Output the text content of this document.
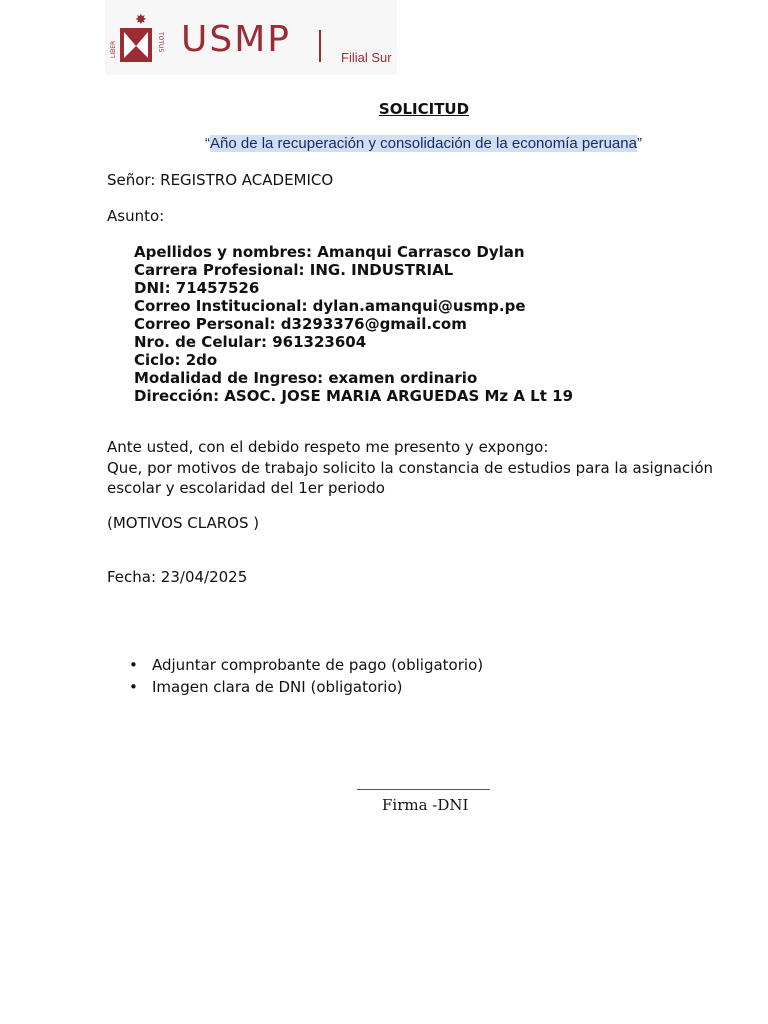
LIBER
✸
TOTUS USMP	Filial Sur
SOLICITUD
“Año de la recuperación y consolidación de la economía peruana”
Señor: REGISTRO ACADEMICO
Asunto:
Apellidos y nombres: Amanqui Carrasco Dylan
Carrera Profesional: ING. INDUSTRIAL
DNI: 71457526
Correo Institucional: dylan.amanqui@usmp.pe
Correo Personal: d3293376@gmail.com
Nro. de Celular: 961323604
Ciclo: 2do
Modalidad de Ingreso: examen ordinario
Dirección: ASOC. JOSE MARIA ARGUEDAS Mz A Lt 19
Ante usted, con el debido respeto me presento y expongo:
Que, por motivos de trabajo solicito la constancia de estudios para la asignación escolar y escolaridad del 1er periodo
(MOTIVOS CLAROS )
Fecha: 23/04/2025
• Adjuntar comprobante de pago (obligatorio)
• Imagen clara de DNI (obligatorio)
Firma -DNI
